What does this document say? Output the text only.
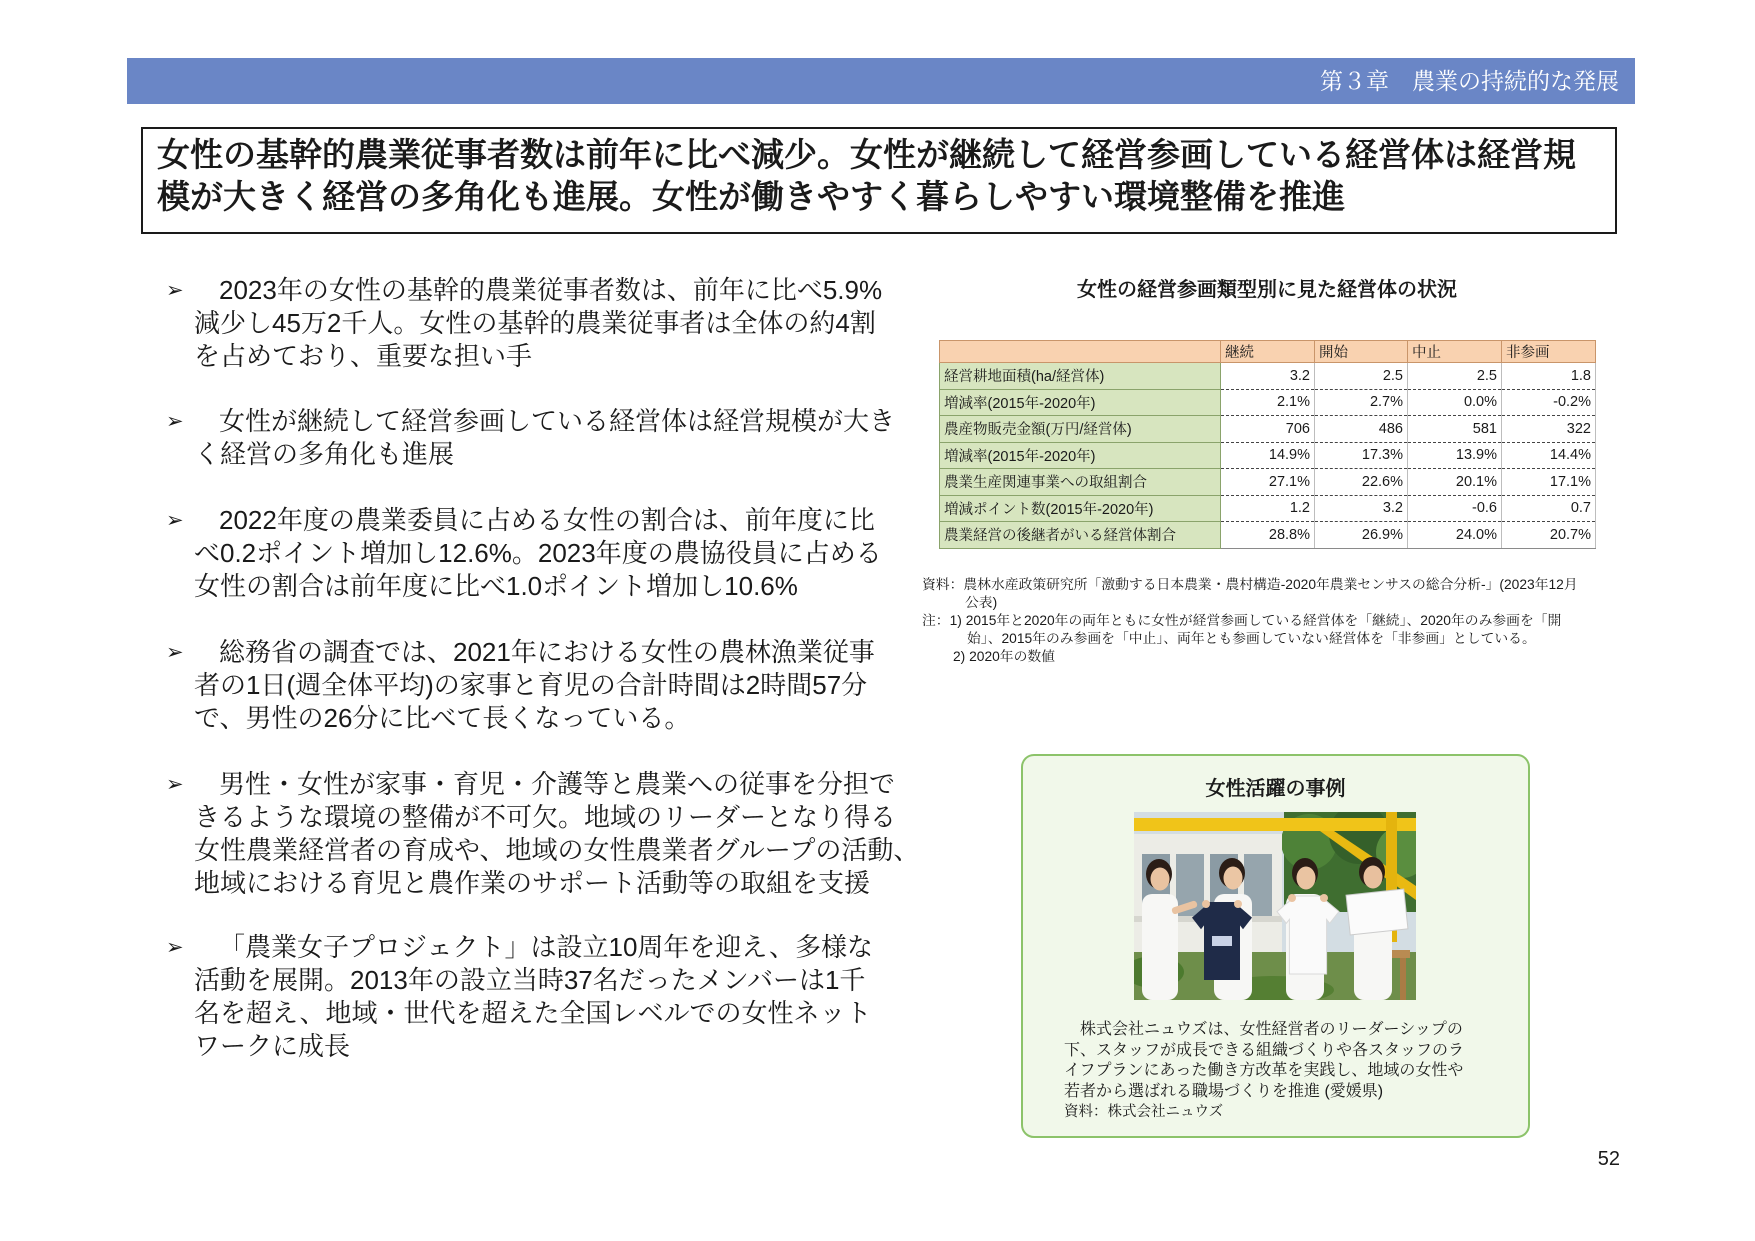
第３章　農業の持続的な発展
女性の基幹的農業従事者数は前年に比べ減少。女性が継続して経営参画している経営体は経営規
模が大きく経営の多角化も進展。女性が働きやすく暮らしやすい環境整備を推進
➢
2023年の女性の基幹的農業従事者数は、前年に比べ5.9%
減少し45万2千人。女性の基幹的農業従事者は全体の約4割
を占めており、重要な担い手
➢
女性が継続して経営参画している経営体は経営規模が大き
く経営の多角化も進展
➢
2022年度の農業委員に占める女性の割合は、前年度に比
べ0.2ポイント増加し12.6%。2023年度の農協役員に占める
女性の割合は前年度に比べ1.0ポイント増加し10.6%
➢
総務省の調査では、2021年における女性の農林漁業従事
者の1日(週全体平均)の家事と育児の合計時間は2時間57分
で、男性の26分に比べて長くなっている。
➢
男性・女性が家事・育児・介護等と農業への従事を分担で
きるような環境の整備が不可欠。地域のリーダーとなり得る
女性農業経営者の育成や、地域の女性農業者グループの活動、
地域における育児と農作業のサポート活動等の取組を支援
➢
「農業女子プロジェクト」は設立10周年を迎え、多様な
活動を展開。2013年の設立当時37名だったメンバーは1千
名を超え、地域・世代を超えた全国レベルでの女性ネット
ワークに成長
女性の経営参画類型別に見た経営体の状況
	継続	開始	中止	非参画
経営耕地面積(ha/経営体)	3.2	2.5	2.5	1.8
増減率(2015年-2020年)	2.1%	2.7%	0.0%	-0.2%
農産物販売金額(万円/経営体)	706	486	581	322
増減率(2015年-2020年)	14.9%	17.3%	13.9%	14.4%
農業生産関連事業への取組割合	27.1%	22.6%	20.1%	17.1%
増減ポイント数(2015年-2020年)	1.2	3.2	-0.6	0.7
農業経営の後継者がいる経営体割合	28.8%	26.9%	24.0%	20.7%
資料：農林水産政策研究所「激動する日本農業・農村構造-2020年農業センサスの総合分析-」(2023年12月
公表)
注：1) 2015年と2020年の両年ともに女性が経営参画している経営体を「継続」、2020年のみ参画を「開
始」、2015年のみ参画を「中止」、両年とも参画していない経営体を「非参画」としている。
2) 2020年の数値
女性活躍の事例
株式会社ニュウズは、女性経営者のリーダーシップの
下、スタッフが成長できる組織づくりや各スタッフのラ
イフプランにあった働き方改革を実践し、地域の女性や
若者から選ばれる職場づくりを推進 (愛媛県)
資料：株式会社ニュウズ
52
